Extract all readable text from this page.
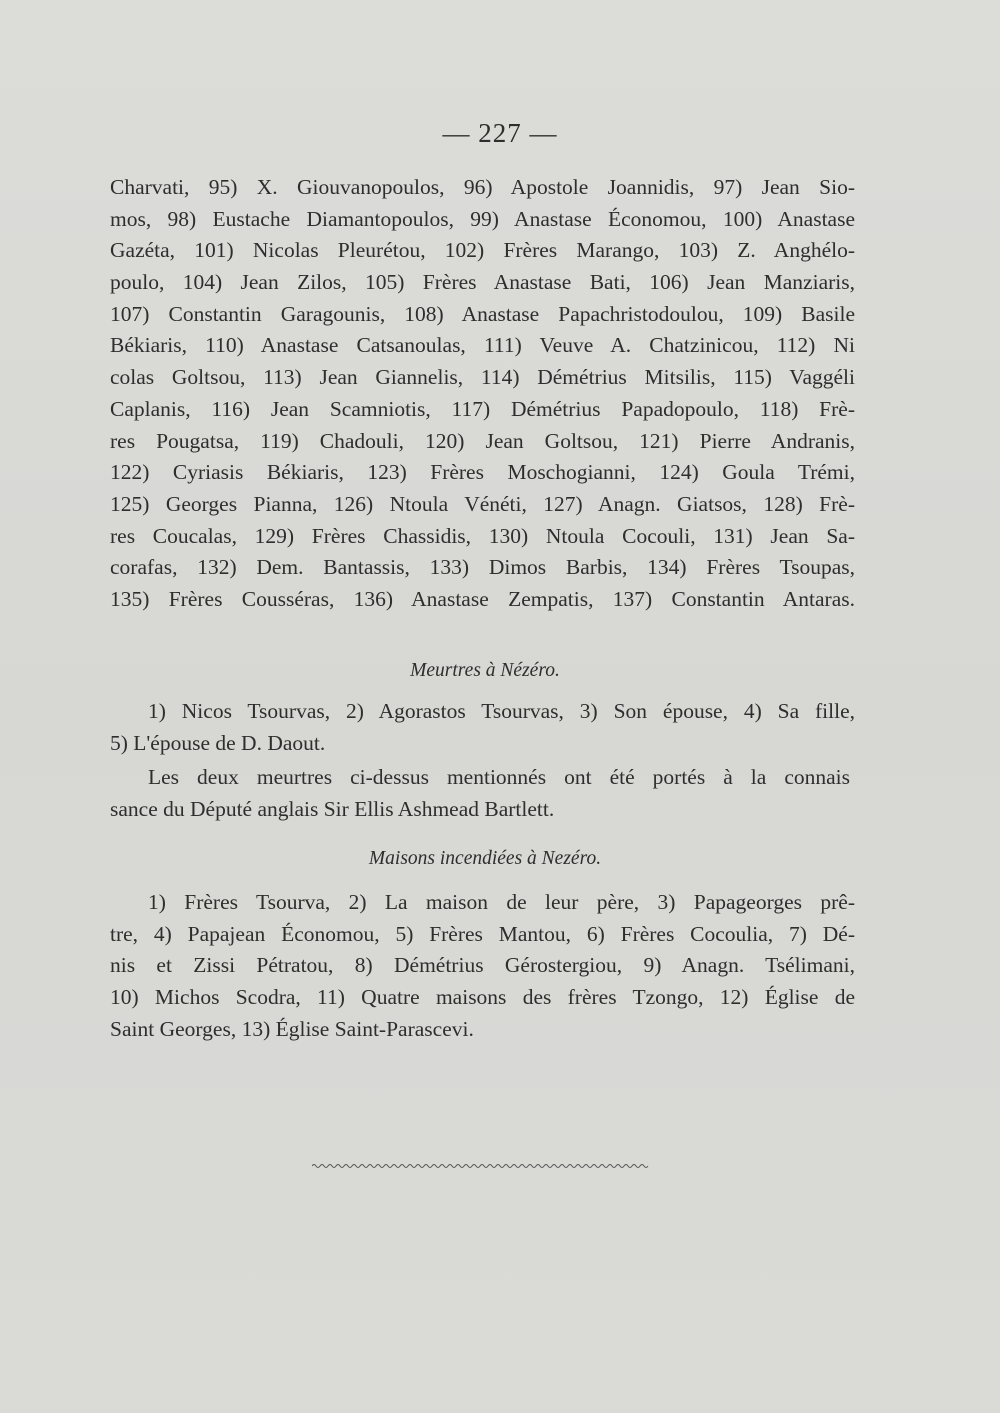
— 227 —
Charvati, 95) X. Giouvanopoulos, 96) Apostole Joannidis, 97) Jean Sio-
mos, 98) Eustache Diamantopoulos, 99) Anastase Économou, 100) Anastase
Gazéta, 101) Nicolas Pleurétou, 102) Frères Marango, 103) Z. Anghélo-
poulo, 104) Jean Zilos, 105) Frères Anastase Bati, 106) Jean Manziaris,
107) Constantin Garagounis, 108) Anastase Papachristodoulou, 109) Basile
Békiaris, 110) Anastase Catsanoulas, 111) Veuve A. Chatzinicou, 112) Ni
colas Goltsou, 113) Jean Giannelis, 114) Démétrius Mitsilis, 115) Vaggéli
Caplanis, 116) Jean Scamniotis, 117) Démétrius Papadopoulo, 118) Frè-
res Pougatsa, 119) Chadouli, 120) Jean Goltsou, 121) Pierre Andranis,
122) Cyriasis Békiaris, 123) Frères Moschogianni, 124) Goula Trémi,
125) Georges Pianna, 126) Ntoula Vénéti, 127) Anagn. Giatsos, 128) Frè-
res Coucalas, 129) Frères Chassidis, 130) Ntoula Cocouli, 131) Jean Sa-
corafas, 132) Dem. Bantassis, 133) Dimos Barbis, 134) Frères Tsoupas,
135) Frères Cousséras, 136) Anastase Zempatis, 137) Constantin Antaras.
Meurtres à Nézéro.
1) Nicos Tsourvas, 2) Agorastos Tsourvas, 3) Son épouse, 4) Sa fille,
5) L'épouse de D. Daout.
Les deux meurtres ci-dessus mentionnés ont été portés à la connais
sance du Député anglais Sir Ellis Ashmead Bartlett.
Maisons incendiées à Nezéro.
1) Frères Tsourva, 2) La maison de leur père, 3) Papageorges prê-
tre, 4) Papajean Économou, 5) Frères Mantou, 6) Frères Cocoulia, 7) Dé-
nis et Zissi Pétratou, 8) Démétrius Gérostergiou, 9) Anagn. Tsélimani,
10) Michos Scodra, 11) Quatre maisons des frères Tzongo, 12) Église de
Saint Georges, 13) Église Saint-Parascevi.
